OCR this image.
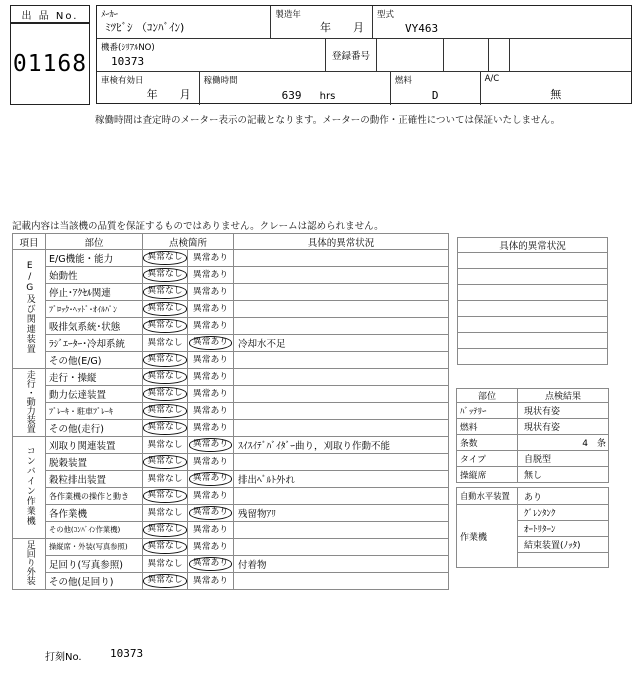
出 品 No.
01168
ﾒｰｶｰ
ﾐﾂﾋﾞｼ （ｺﾝﾊﾞｲﾝ)
製造年
年　　月
型式
VY463
機番(ｼﾘｱﾙNO)
10373	登録番号
車検有効日
年　　月
稼働時間
639 hrs
燃料
D
A/C
無
稼働時間は査定時のメーター表示の記載となります。メーターの動作・正確性については保証いたしません。
記載内容は当該機の品質を保証するものではありません。クレームは認められません。
項目	部位	点検箇所		具体的異常状況
E/G及び関連装置	E/G機能・能力	異常なし	異常あり	
	始動性	異常なし	異常あり	
	停止･ｱｸｾﾙ関連	異常なし	異常あり	
	ﾌﾞﾛｯｸ･ﾍｯﾄﾞ･ｵｲﾙﾊﾟﾝ	異常なし	異常あり	
	吸排気系統･状態	異常なし	異常あり	
	ﾗｼﾞｴｰﾀｰ･冷却系統	異常なし	異常あり	冷却水不足
	その他(E/G)	異常なし	異常あり	
走行・動力装置	走行・操縦	異常なし	異常あり	
	動力伝達装置	異常なし	異常あり	
	ﾌﾞﾚｰｷ・駐車ﾌﾞﾚｰｷ	異常なし	異常あり	
	その他(走行)	異常なし	異常あり	
コンバイン作業機	刈取り関連装置	異常なし	異常あり	ｽｲｽｲﾃﾞﾊﾞｲﾀﾞｰ曲り，刈取り作動不能
	脱穀装置	異常なし	異常あり	
	穀粒排出装置	異常なし	異常あり	排出ﾍﾞﾙﾄ外れ
	各作業機の操作と動き	異常なし	異常あり	
	各作業機	異常なし	異常あり	残留物ｱﾘ
	その他(ｺﾝﾊﾞｲﾝ作業機)	異常なし	異常あり	
足回り外装	操縦席・外装(写真参照)	異常なし	異常あり	
	足回り(写真参照)	異常なし	異常あり	付着物
	その他(足回り)	異常なし	異常あり	
具体的異常状況

部位	点検結果
ﾊﾞｯﾃﾘｰ	現状有姿
燃料	現状有姿
条数	4　条
タイプ	自脱型
操縦席	無し
自動水平装置	あり
作業機	ｸﾞﾚﾝﾀﾝｸ
	ｵｰﾄﾘﾀｰﾝ
	結束装置(ﾉｯﾀ)

打刻No.	10373
